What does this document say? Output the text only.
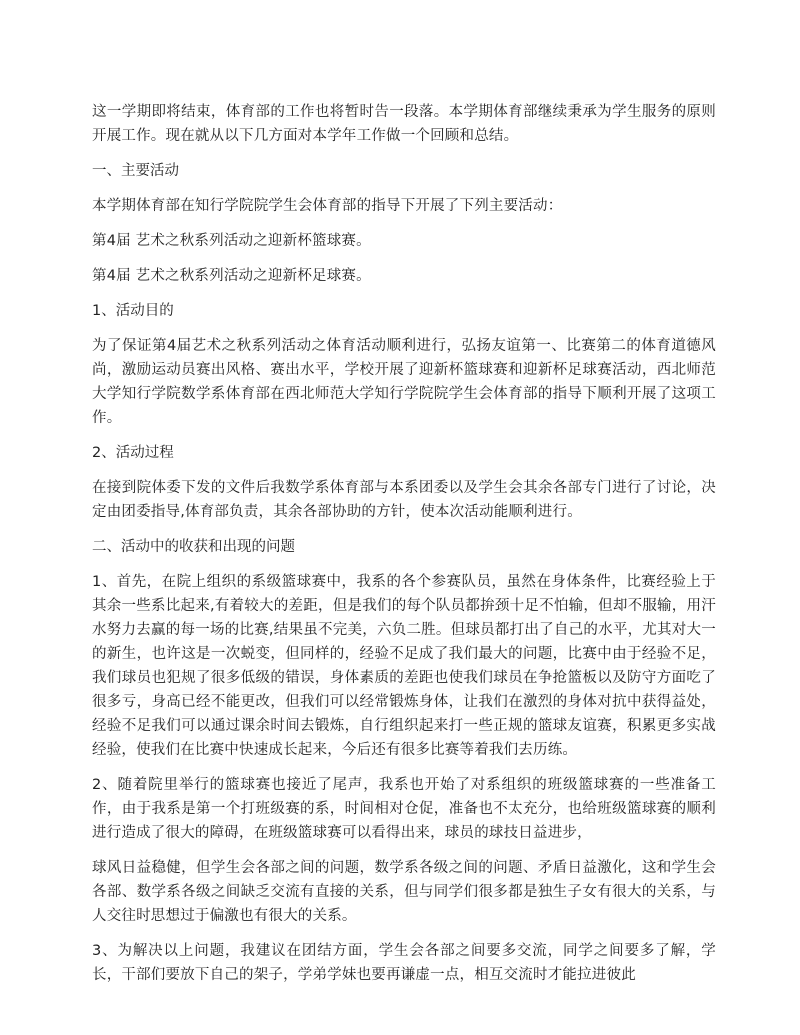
这一学期即将结束，体育部的工作也将暂时告一段落。本学期体育部继续秉承为学生服务的原则开展工作。现在就从以下几方面对本学年工作做一个回顾和总结。

一、主要活动

本学期体育部在知行学院院学生会体育部的指导下开展了下列主要活动：

第4届 艺术之秋系列活动之迎新杯篮球赛。

第4届 艺术之秋系列活动之迎新杯足球赛。

1、活动目的

为了保证第4届艺术之秋系列活动之体育活动顺利进行，弘扬友谊第一、比赛第二的体育道德风尚，激励运动员赛出风格、赛出水平，学校开展了迎新杯篮球赛和迎新杯足球赛活动，西北师范大学知行学院数学系体育部在西北师范大学知行学院院学生会体育部的指导下顺利开展了这项工作。

2、活动过程

在接到院体委下发的文件后我数学系体育部与本系团委以及学生会其余各部专门进行了讨论，决定由团委指导,体育部负责，其余各部协助的方针，使本次活动能顺利进行。

二、活动中的收获和出现的问题

1、首先，在院上组织的系级篮球赛中，我系的各个参赛队员，虽然在身体条件，比赛经验上于其余一些系比起来,有着较大的差距，但是我们的每个队员都拚颈十足不怕输，但却不服输，用汗水努力去赢的每一场的比赛,结果虽不完美，六负二胜。但球员都打出了自己的水平，尤其对大一的新生，也许这是一次蜕变，但同样的，经验不足成了我们最大的问题，比赛中由于经验不足，我们球员也犯规了很多低级的错误，身体素质的差距也使我们球员在争抢篮板以及防守方面吃了很多亏，身高已经不能更改，但我们可以经常锻炼身体，让我们在激烈的身体对抗中获得益处，经验不足我们可以通过课余时间去锻炼，自行组织起来打一些正规的篮球友谊赛，积累更多实战经验，使我们在比赛中快速成长起来，今后还有很多比赛等着我们去历练。

2、随着院里举行的篮球赛也接近了尾声，我系也开始了对系组织的班级篮球赛的一些准备工作，由于我系是第一个打班级赛的系，时间相对仓促，准备也不太充分，也给班级篮球赛的顺利进行造成了很大的障碍，在班级篮球赛可以看得出来，球员的球技日益进步，

球风日益稳健，但学生会各部之间的问题，数学系各级之间的问题、矛盾日益激化，这和学生会各部、数学系各级之间缺乏交流有直接的关系，但与同学们很多都是独生子女有很大的关系，与人交往时思想过于偏激也有很大的关系。

3、为解决以上问题，我建议在团结方面，学生会各部之间要多交流，同学之间要多了解，学长，干部们要放下自己的架子，学弟学妹也要再谦虚一点，相互交流时才能拉进彼此
